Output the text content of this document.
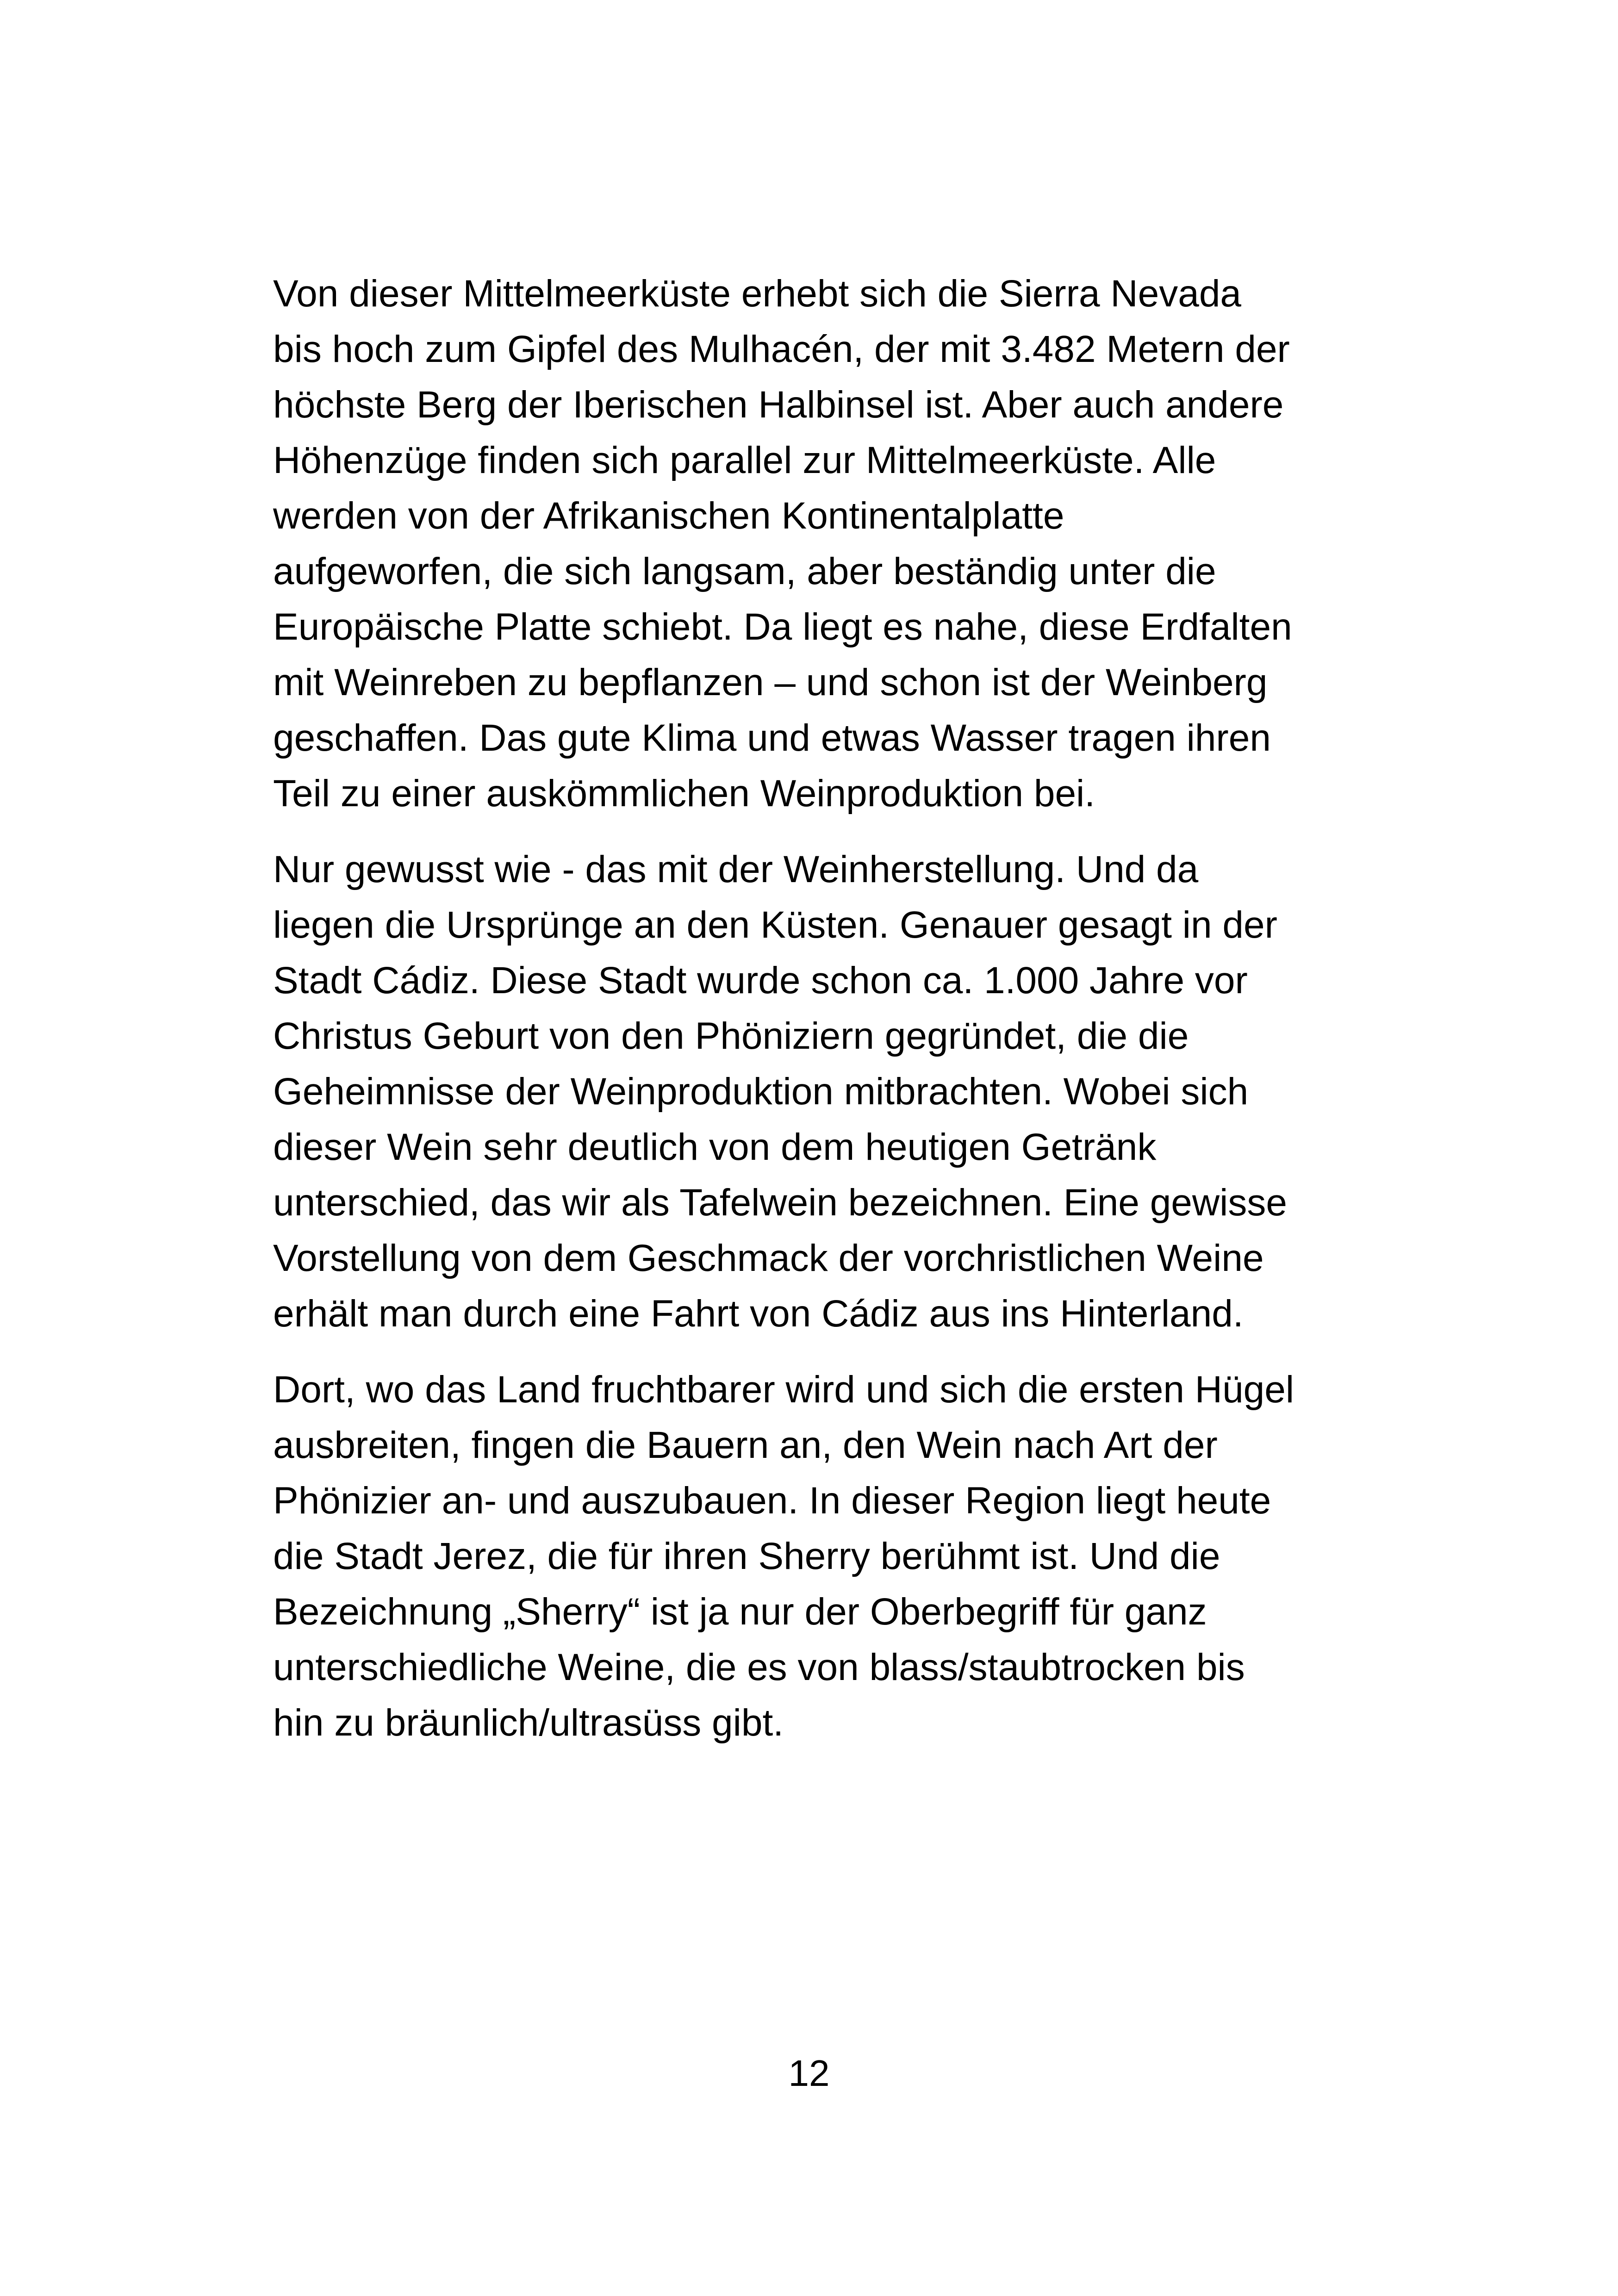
Von dieser Mittelmeerküste erhebt sich die Sierra Nevada
bis hoch zum Gipfel des Mulhacén, der mit 3.482 Metern der
höchste Berg der Iberischen Halbinsel ist. Aber auch andere
Höhenzüge finden sich parallel zur Mittelmeerküste. Alle
werden von der Afrikanischen Kontinentalplatte
aufgeworfen, die sich langsam, aber beständig unter die
Europäische Platte schiebt. Da liegt es nahe, diese Erdfalten
mit Weinreben zu bepflanzen – und schon ist der Weinberg
geschaffen. Das gute Klima und etwas Wasser tragen ihren
Teil zu einer auskömmlichen Weinproduktion bei.
Nur gewusst wie - das mit der Weinherstellung. Und da
liegen die Ursprünge an den Küsten. Genauer gesagt in der
Stadt Cádiz. Diese Stadt wurde schon ca. 1.000 Jahre vor
Christus Geburt von den Phöniziern gegründet, die die
Geheimnisse der Weinproduktion mitbrachten. Wobei sich
dieser Wein sehr deutlich von dem heutigen Getränk
unterschied, das wir als Tafelwein bezeichnen. Eine gewisse
Vorstellung von dem Geschmack der vorchristlichen Weine
erhält man durch eine Fahrt von Cádiz aus ins Hinterland.
Dort, wo das Land fruchtbarer wird und sich die ersten Hügel
ausbreiten, fingen die Bauern an, den Wein nach Art der
Phönizier an- und auszubauen. In dieser Region liegt heute
die Stadt Jerez, die für ihren Sherry berühmt ist. Und die
Bezeichnung „Sherry“ ist ja nur der Oberbegriff für ganz
unterschiedliche Weine, die es von blass/staubtrocken bis
hin zu bräunlich/ultrasüss gibt.
12
